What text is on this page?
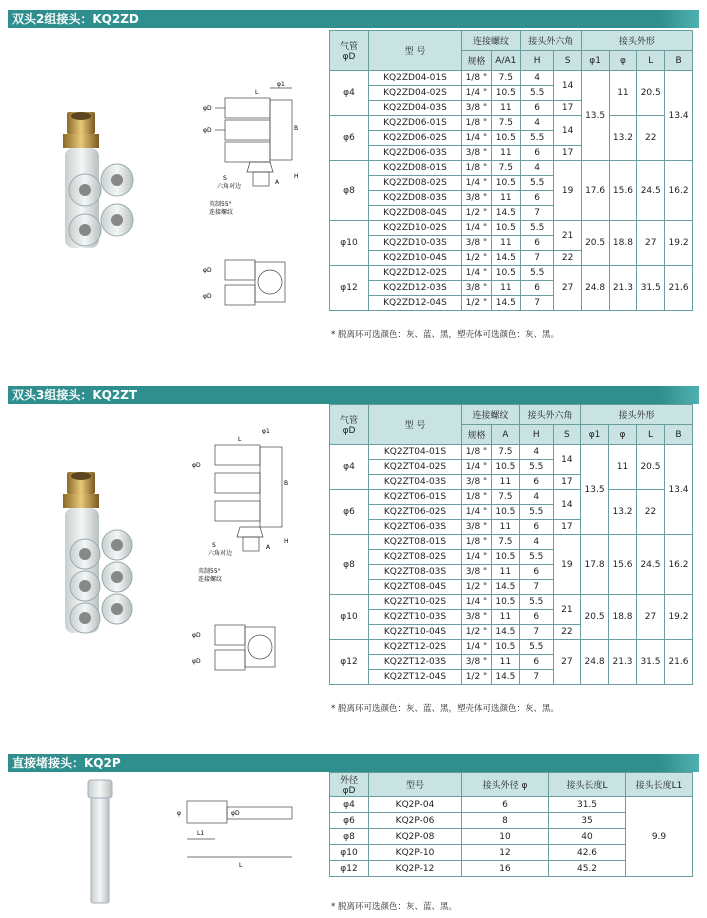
双头2组接头：KQ2ZD
φD
φD
φ1
L
B
H
A
S
六角对边
英制55°
连接螺纹
φD
φD
气管
φD	型 号	连接螺纹		接头外六角		接头外形			
		规格	A/A1	H	S	φ1	φ	L	B
φ4	KQ2ZD04-01S	1/8 "	7.5	4	14	13.5	11	20.5	13.4
	KQ2ZD04-02S	1/4 "	10.5	5.5					
	KQ2ZD04-03S	3/8 "	11	6	17				
φ6	KQ2ZD06-01S	1/8 "	7.5	4	14		13.2	22	
	KQ2ZD06-02S	1/4 "	10.5	5.5					
	KQ2ZD06-03S	3/8 "	11	6	17				
φ8	KQ2ZD08-01S	1/8 "	7.5	4	19	17.6	15.6	24.5	16.2
	KQ2ZD08-02S	1/4 "	10.5	5.5					
	KQ2ZD08-03S	3/8 "	11	6					
	KQ2ZD08-04S	1/2 "	14.5	7					
φ10	KQ2ZD10-02S	1/4 "	10.5	5.5	21	20.5	18.8	27	19.2
	KQ2ZD10-03S	3/8 "	11	6					
	KQ2ZD10-04S	1/2 "	14.5	7	22				
φ12	KQ2ZD12-02S	1/4 "	10.5	5.5	27	24.8	21.3	31.5	21.6
	KQ2ZD12-03S	3/8 "	11	6					
	KQ2ZD12-04S	1/2 "	14.5	7					
* 脱离环可选颜色：灰、蓝、黑，塑壳体可选颜色：灰、黑。
双头3组接头：KQ2ZT
φD
φ1
L
B
H
A
S
六角对边
英制55°
连接螺纹
φD
φD
气管
φD	型 号	连接螺纹		接头外六角		接头外形			
		规格	A	H	S	φ1	φ	L	B
φ4	KQ2ZT04-01S	1/8 "	7.5	4	14	13.5	11	20.5	13.4
	KQ2ZT04-02S	1/4 "	10.5	5.5					
	KQ2ZT04-03S	3/8 "	11	6	17				
φ6	KQ2ZT06-01S	1/8 "	7.5	4	14		13.2	22	
	KQ2ZT06-02S	1/4 "	10.5	5.5					
	KQ2ZT06-03S	3/8 "	11	6	17				
φ8	KQ2ZT08-01S	1/8 "	7.5	4	19	17.8	15.6	24.5	16.2
	KQ2ZT08-02S	1/4 "	10.5	5.5					
	KQ2ZT08-03S	3/8 "	11	6					
	KQ2ZT08-04S	1/2 "	14.5	7					
φ10	KQ2ZT10-02S	1/4 "	10.5	5.5	21	20.5	18.8	27	19.2
	KQ2ZT10-03S	3/8 "	11	6					
	KQ2ZT10-04S	1/2 "	14.5	7	22				
φ12	KQ2ZT12-02S	1/4 "	10.5	5.5	27	24.8	21.3	31.5	21.6
	KQ2ZT12-03S	3/8 "	11	6					
	KQ2ZT12-04S	1/2 "	14.5	7					
* 脱离环可选颜色：灰、蓝、黑，塑壳体可选颜色：灰、黑。
直接堵接头：KQ2P
φ	φD
L1
L
外径
φD	型号	接头外径 φ	接头长度L	接头长度L1
φ4	KQ2P-04	6	31.5	9.9
φ6	KQ2P-06	8	35	
φ8	KQ2P-08	10	40	
φ10	KQ2P-10	12	42.6	
φ12	KQ2P-12	16	45.2	
* 脱离环可选颜色：灰、蓝、黑。
